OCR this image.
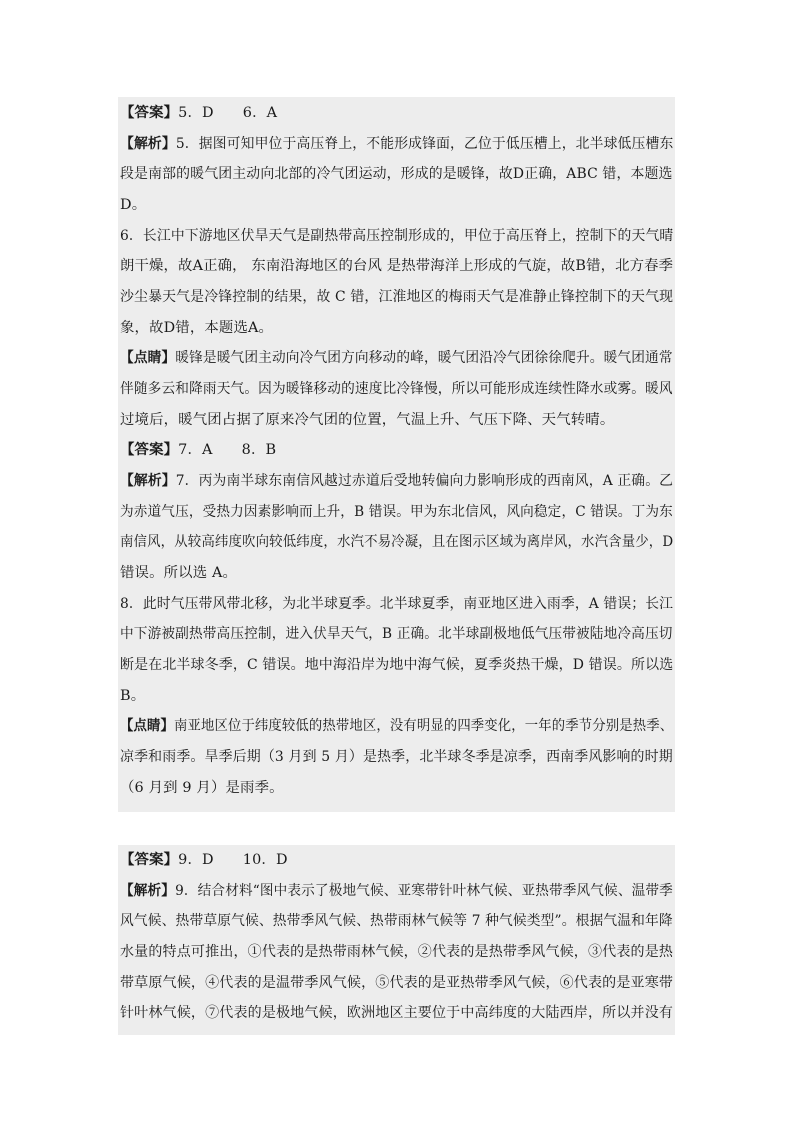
【答案】5．D　　6．A
【解析】5．据图可知甲位于高压脊上，不能形成锋面，乙位于低压槽上，北半球低压槽东
段是南部的暖气团主动向北部的冷气团运动，形成的是暖锋，故D正确，ABC 错，本题选
D。
6．长江中下游地区伏旱天气是副热带高压控制形成的，甲位于高压脊上，控制下的天气晴
朗干燥，故A正确， 东南沿海地区的台风 是热带海洋上形成的气旋，故B错，北方春季
沙尘暴天气是冷锋控制的结果，故 C 错，江淮地区的梅雨天气是准静止锋控制下的天气现
象，故D错，本题选A。
【点睛】暖锋是暖气团主动向冷气团方向移动的峰，暖气团沿冷气团徐徐爬升。暖气团通常
伴随多云和降雨天气。因为暖锋移动的速度比冷锋慢，所以可能形成连续性降水或雾。暖风
过境后，暖气团占据了原来冷气团的位置，气温上升、气压下降、天气转晴。
【答案】7．A　　8．B
【解析】7．丙为南半球东南信风越过赤道后受地转偏向力影响形成的西南风，A 正确。乙
为赤道气压，受热力因素影响而上升，B 错误。甲为东北信风，风向稳定，C 错误。丁为东
南信风，从较高纬度吹向较低纬度，水汽不易冷凝，且在图示区域为离岸风，水汽含量少，D
错误。所以选 A。
8．此时气压带风带北移，为北半球夏季。北半球夏季，南亚地区进入雨季，A 错误；长江
中下游被副热带高压控制，进入伏旱天气，B 正确。北半球副极地低气压带被陆地冷高压切
断是在北半球冬季，C 错误。地中海沿岸为地中海气候，夏季炎热干燥，D 错误。所以选
B。
【点睛】南亚地区位于纬度较低的热带地区，没有明显的四季变化，一年的季节分别是热季、
凉季和雨季。旱季后期（3 月到 5 月）是热季，北半球冬季是凉季，西南季风影响的时期
（6 月到 9 月）是雨季。
【答案】9．D　　10．D
【解析】9．结合材料“图中表示了极地气候、亚寒带针叶林气候、亚热带季风气候、温带季
风气候、热带草原气候、热带季风气候、热带雨林气候等 7 种气候类型”。根据气温和年降
水量的特点可推出，①代表的是热带雨林气候，②代表的是热带季风气候，③代表的是热
带草原气候，④代表的是温带季风气候，⑤代表的是亚热带季风气候，⑥代表的是亚寒带
针叶林气候，⑦代表的是极地气候，欧洲地区主要位于中高纬度的大陆西岸，所以并没有
